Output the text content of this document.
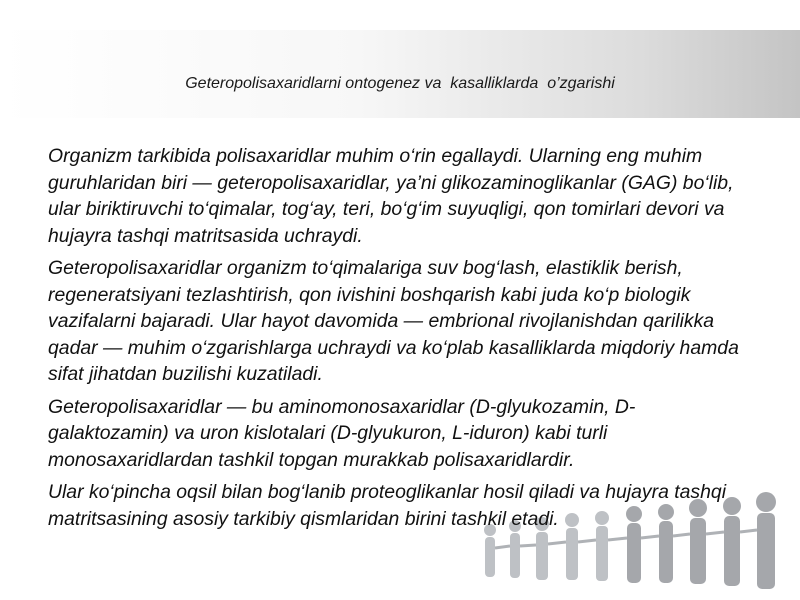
Geteropolisaxaridlarni ontogenez va  kasalliklarda  o’zgarishi

Organizm tarkibida polisaxaridlar muhim o‘rin egallaydi. Ularning eng muhim guruhlaridan biri — geteropolisaxaridlar, ya’ni glikozaminoglikanlar (GAG) bo‘lib, ular biriktiruvchi to‘qimalar, tog‘ay, teri, bo‘g‘im suyuqligi, qon tomirlari devori va hujayra tashqi matritsasida uchraydi.

Geteropolisaxaridlar organizm to‘qimalariga suv bog‘lash, elastiklik berish, regeneratsiyani tezlashtirish, qon ivishini boshqarish kabi juda ko‘p biologik vazifalarni bajaradi. Ular hayot davomida — embrional rivojlanishdan qarilikka qadar — muhim o‘zgarishlarga uchraydi va ko‘plab kasalliklarda miqdoriy hamda sifat jihatdan buzilishi kuzatiladi.

Geteropolisaxaridlar — bu aminomonosaxaridlar (D-glyukozamin, D-galaktozamin) va uron kislotalari (D-glyukuron, L-iduron) kabi turli monosaxaridlardan tashkil topgan murakkab polisaxaridlardir.

Ular ko‘pincha oqsil bilan bog‘lanib proteoglikanlar hosil qiladi va hujayra tashqi matritsasining asosiy tarkibiy qismlaridan birini tashkil etadi.
